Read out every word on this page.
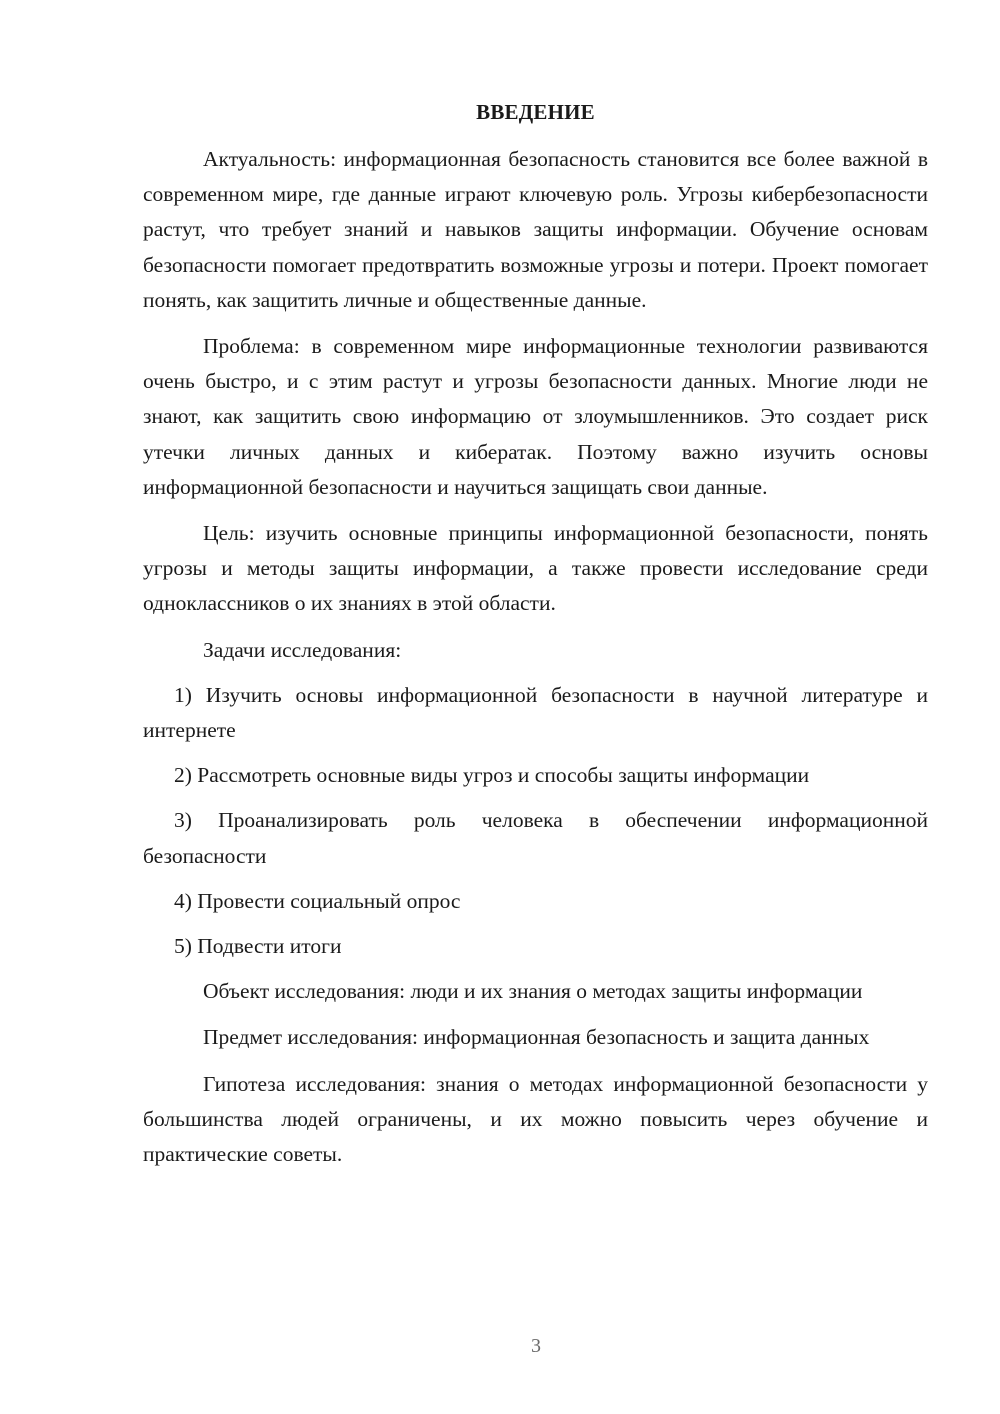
ВВЕДЕНИЕ

Актуальность: информационная безопасность становится все более важной в современном мире, где данные играют ключевую роль. Угрозы кибербезопасности растут, что требует знаний и навыков защиты информации. Обучение основам безопасности помогает предотвратить возможные угрозы и потери. Проект помогает понять, как защитить личные и общественные данные.

Проблема: в современном мире информационные технологии развиваются очень быстро, и с этим растут и угрозы безопасности данных. Многие люди не знают, как защитить свою информацию от злоумышленников. Это создает риск утечки личных данных и кибератак. Поэтому важно изучить основы информационной безопасности и научиться защищать свои данные.

Цель: изучить основные принципы информационной безопасности, понять угрозы и методы защиты информации, а также провести исследование среди одноклассников о их знаниях в этой области.

Задачи исследования:

1) Изучить основы информационной безопасности в научной литературе и интернете

2) Рассмотреть основные виды угроз и способы защиты информации

3) Проанализировать роль человека в обеспечении информационной безопасности

4) Провести социальный опрос

5) Подвести итоги

Объект исследования: люди и их знания о методах защиты информации

Предмет исследования: информационная безопасность и защита данных

Гипотеза исследования: знания о методах информационной безопасности у большинства людей ограничены, и их можно повысить через обучение и практические советы.

3
